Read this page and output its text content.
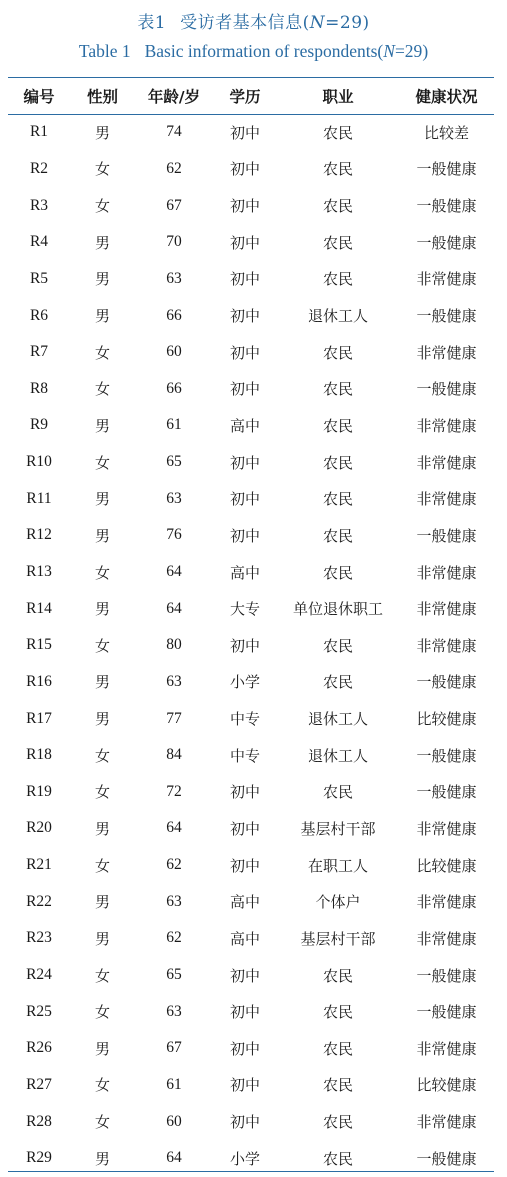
表1 受访者基本信息(N=29)
Table 1 Basic information of respondents(N=29)
编号	性别	年龄/岁	学历	职业	健康状况
R1	男	74	初中	农民	比较差
R2	女	62	初中	农民	一般健康
R3	女	67	初中	农民	一般健康
R4	男	70	初中	农民	一般健康
R5	男	63	初中	农民	非常健康
R6	男	66	初中	退休工人	一般健康
R7	女	60	初中	农民	非常健康
R8	女	66	初中	农民	一般健康
R9	男	61	高中	农民	非常健康
R10	女	65	初中	农民	非常健康
R11	男	63	初中	农民	非常健康
R12	男	76	初中	农民	一般健康
R13	女	64	高中	农民	非常健康
R14	男	64	大专	单位退休职工	非常健康
R15	女	80	初中	农民	非常健康
R16	男	63	小学	农民	一般健康
R17	男	77	中专	退休工人	比较健康
R18	女	84	中专	退休工人	一般健康
R19	女	72	初中	农民	一般健康
R20	男	64	初中	基层村干部	非常健康
R21	女	62	初中	在职工人	比较健康
R22	男	63	高中	个体户	非常健康
R23	男	62	高中	基层村干部	非常健康
R24	女	65	初中	农民	一般健康
R25	女	63	初中	农民	一般健康
R26	男	67	初中	农民	非常健康
R27	女	61	初中	农民	比较健康
R28	女	60	初中	农民	非常健康
R29	男	64	小学	农民	一般健康
